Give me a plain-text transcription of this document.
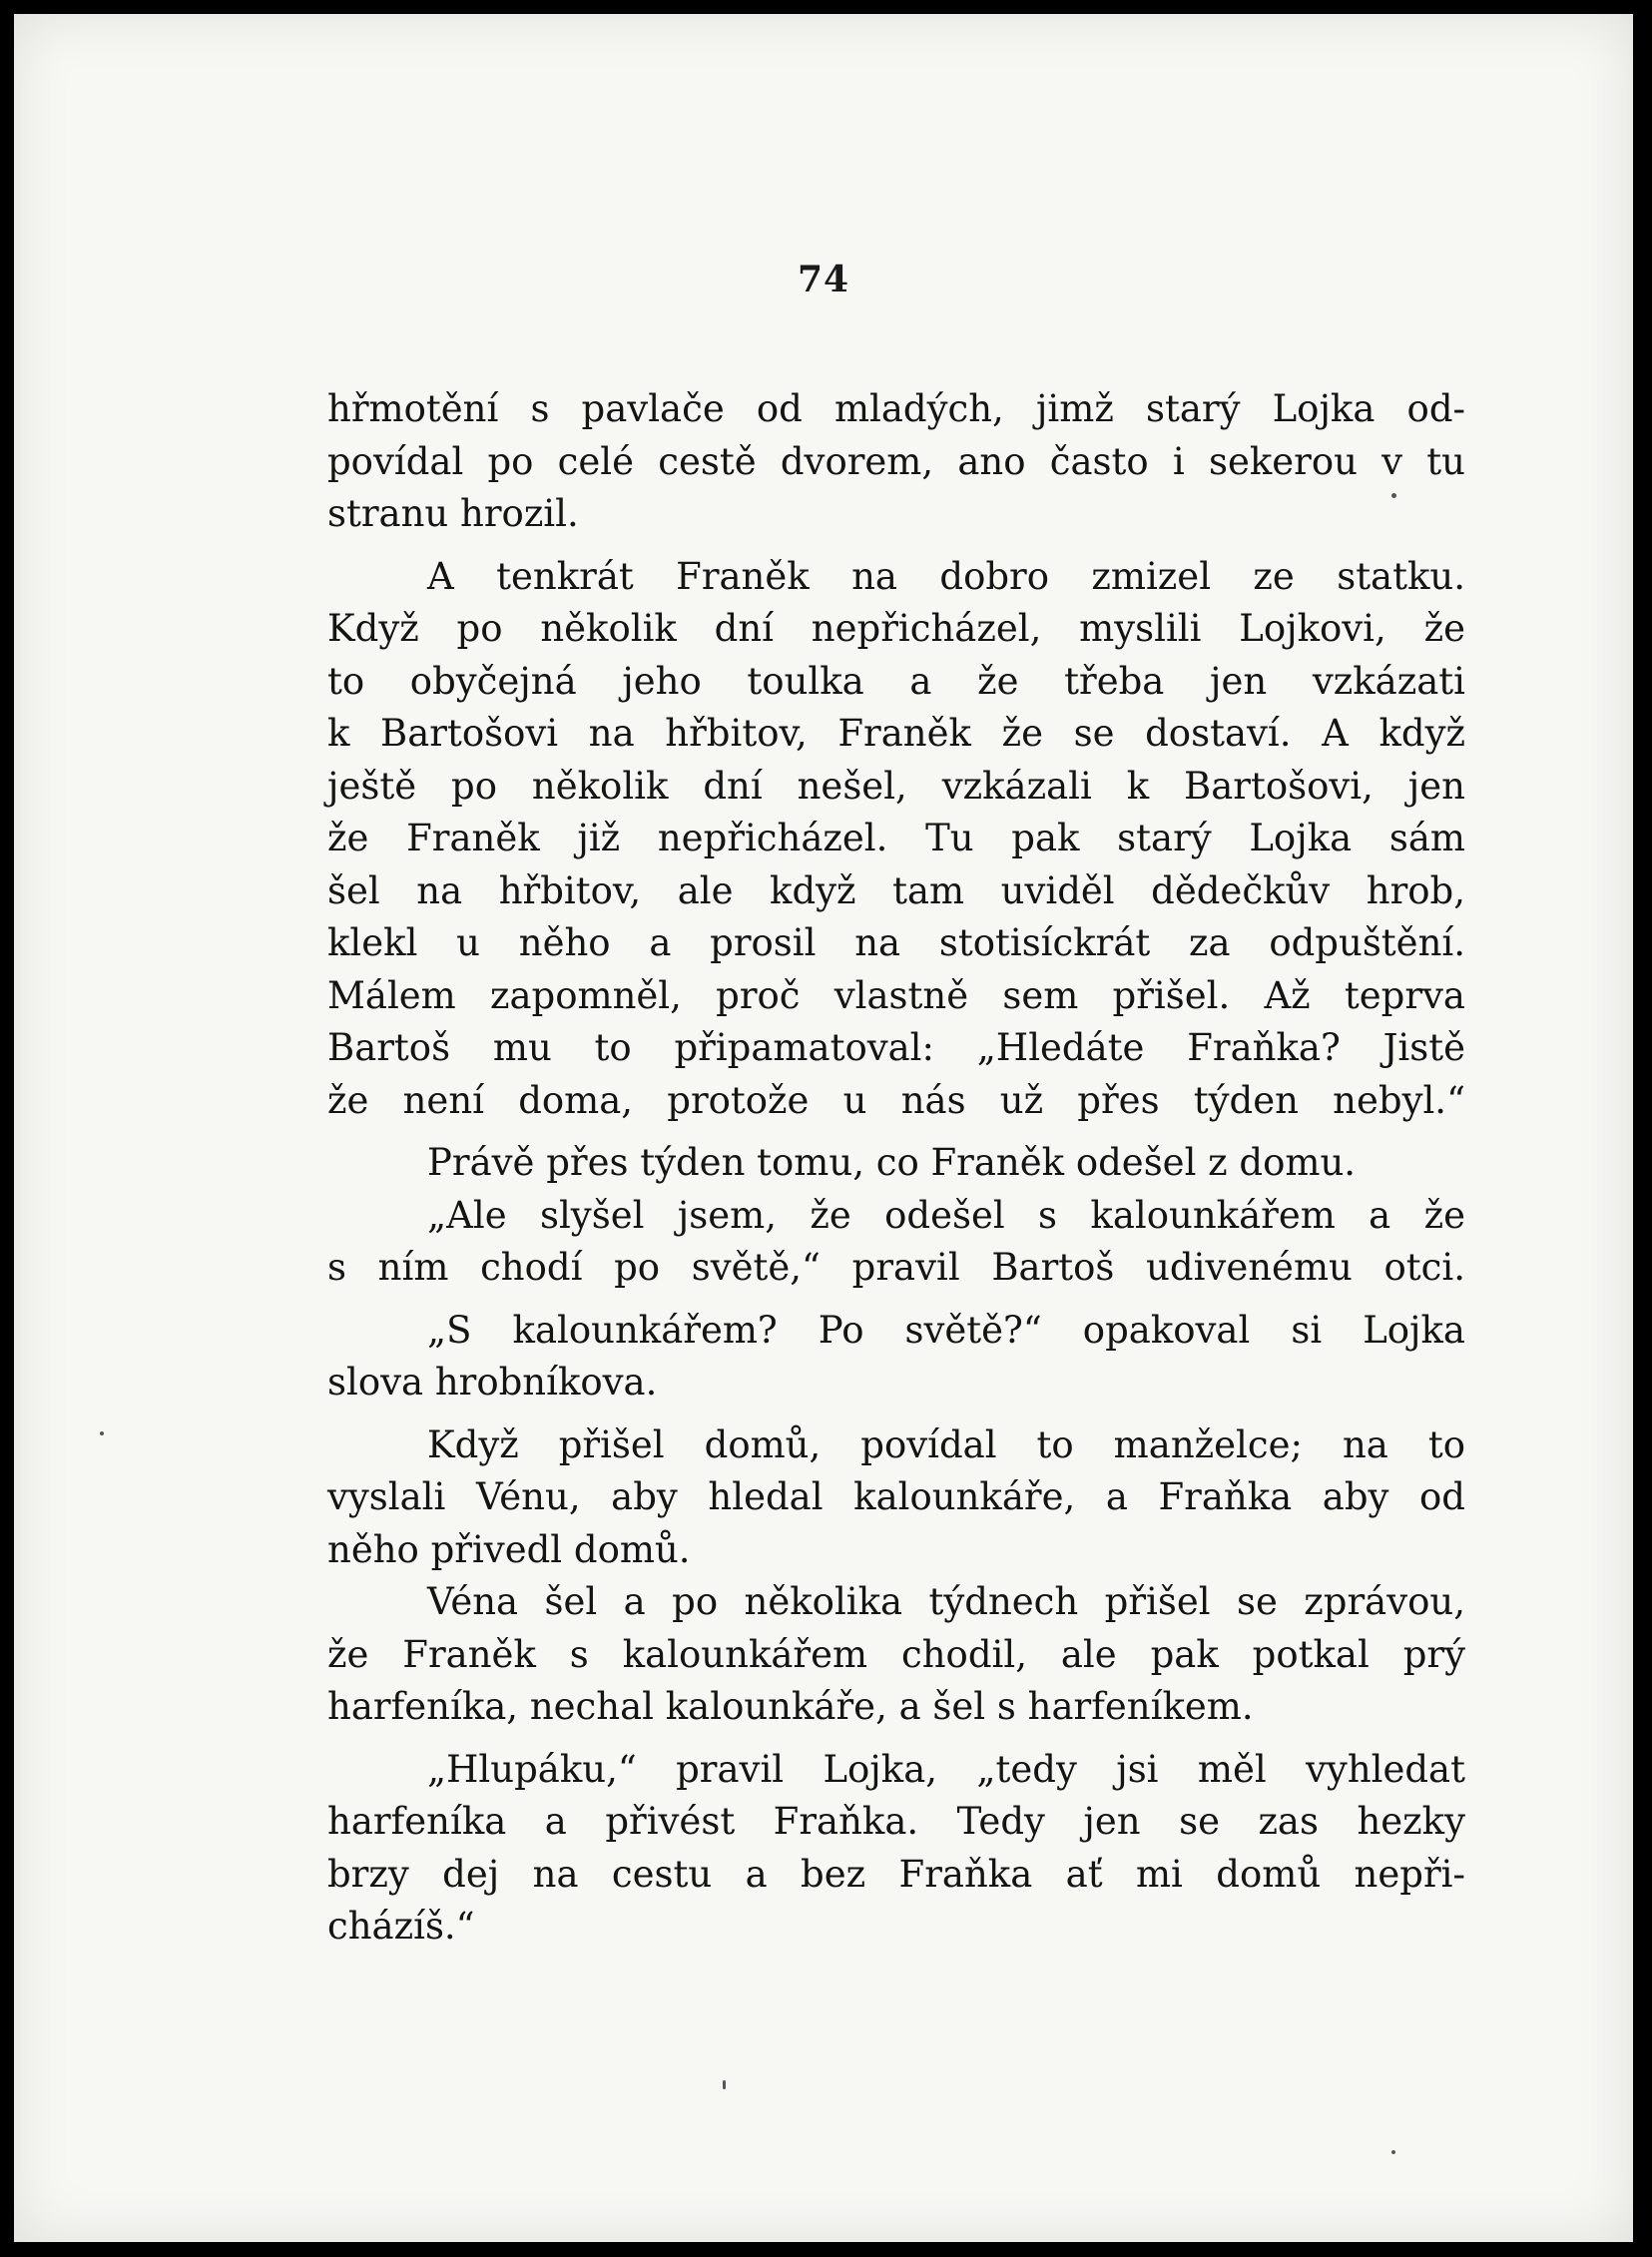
74
hřmotění s pavlače od mladých, jimž starý Lojka od-
povídal po celé cestě dvorem, ano často i sekerou v tu
stranu hrozil.
A tenkrát Franěk na dobro zmizel ze statku.
Když po několik dní nepřicházel, myslili Lojkovi, že
to obyčejná jeho toulka a že třeba jen vzkázati
k Bartošovi na hřbitov, Franěk že se dostaví. A když
ještě po několik dní nešel, vzkázali k Bartošovi, jen
že Franěk již nepřicházel. Tu pak starý Lojka sám
šel na hřbitov, ale když tam uviděl dědečkův hrob,
klekl u něho a prosil na stotisíckrát za odpuštění.
Málem zapomněl, proč vlastně sem přišel. Až teprva
Bartoš mu to připamatoval: „Hledáte Fraňka? Jistě
že není doma, protože u nás už přes týden nebyl.“
Právě přes týden tomu, co Franěk odešel z domu.
„Ale slyšel jsem, že odešel s kalounkářem a že
s ním chodí po světě,“ pravil Bartoš udivenému otci.
„S kalounkářem? Po světě?“ opakoval si Lojka
slova hrobníkova.
Když přišel domů, povídal to manželce; na to
vyslali Vénu, aby hledal kalounkáře, a Fraňka aby od
něho přivedl domů.
Véna šel a po několika týdnech přišel se zprávou,
že Franěk s kalounkářem chodil, ale pak potkal prý
harfeníka, nechal kalounkáře, a šel s harfeníkem.
„Hlupáku,“ pravil Lojka, „tedy jsi měl vyhledat
harfeníka a přivést Fraňka. Tedy jen se zas hezky
brzy dej na cestu a bez Fraňka ať mi domů nepři-
cházíš.“
